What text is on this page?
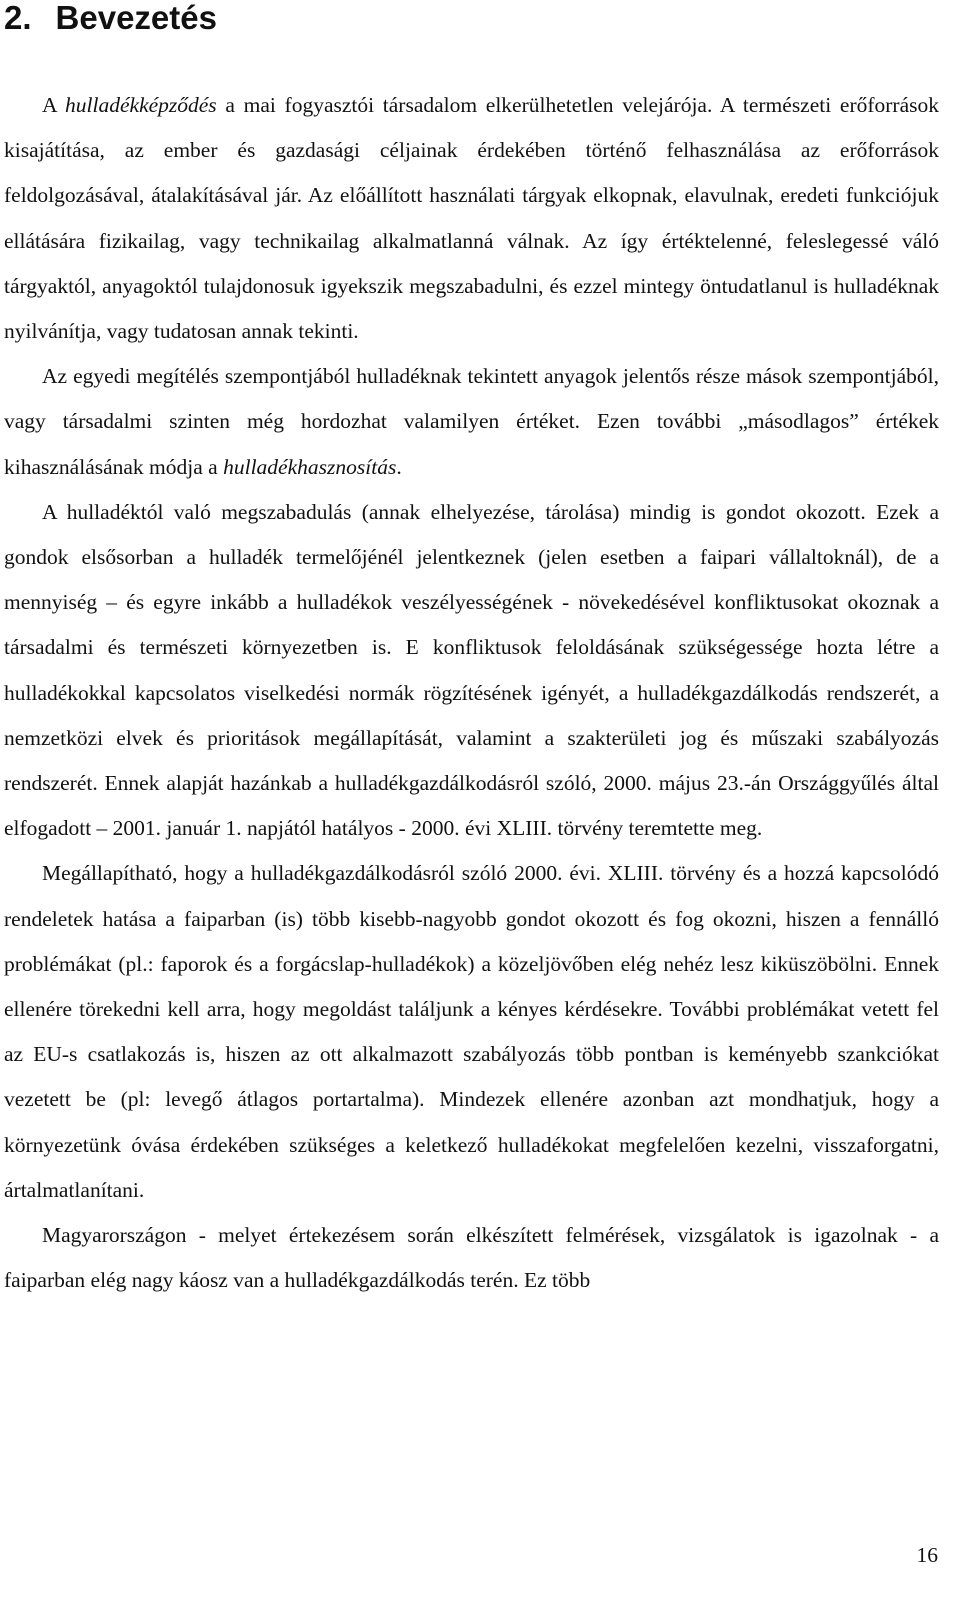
2. Bevezetés

A hulladékképződés a mai fogyasztói társadalom elkerülhetetlen velejárója. A természeti erőforrások kisajátítása, az ember és gazdasági céljainak érdekében történő felhasználása az erőforrások feldolgozásával, átalakításával jár. Az előállított használati tárgyak elkopnak, elavulnak, eredeti funkciójuk ellátására fizikailag, vagy technikailag alkalmatlanná válnak. Az így értéktelenné, feleslegessé váló tárgyaktól, anyagoktól tulajdonosuk igyekszik megszabadulni, és ezzel mintegy öntudatlanul is hulladéknak nyilvánítja, vagy tudatosan annak tekinti.

Az egyedi megítélés szempontjából hulladéknak tekintett anyagok jelentős része mások szempontjából, vagy társadalmi szinten még hordozhat valamilyen értéket. Ezen további „másodlagos” értékek kihasználásának módja a hulladékhasznosítás.

A hulladéktól való megszabadulás (annak elhelyezése, tárolása) mindig is gondot okozott. Ezek a gondok elsősorban a hulladék termelőjénél jelentkeznek (jelen esetben a faipari vállaltoknál), de a mennyiség – és egyre inkább a hulladékok veszélyességének - növekedésével konfliktusokat okoznak a társadalmi és természeti környezetben is. E konfliktusok feloldásának szükségessége hozta létre a hulladékokkal kapcsolatos viselkedési normák rögzítésének igényét, a hulladékgazdálkodás rendszerét, a nemzetközi elvek és prioritások megállapítását, valamint a szakterületi jog és műszaki szabályozás rendszerét. Ennek alapját hazánkab a hulladékgazdálkodásról szóló, 2000. május 23.-án Országgyűlés által elfogadott – 2001. január 1. napjától hatályos - 2000. évi XLIII. törvény teremtette meg.

Megállapítható, hogy a hulladékgazdálkodásról szóló 2000. évi. XLIII. törvény és a hozzá kapcsolódó rendeletek hatása a faiparban (is) több kisebb-nagyobb gondot okozott és fog okozni, hiszen a fennálló problémákat (pl.: faporok és a forgácslap-hulladékok) a közeljövőben elég nehéz lesz kiküszöbölni. Ennek ellenére törekedni kell arra, hogy megoldást találjunk a kényes kérdésekre. További problémákat vetett fel az EU-s csatlakozás is, hiszen az ott alkalmazott szabályozás több pontban is keményebb szankciókat vezetett be (pl: levegő átlagos portartalma). Mindezek ellenére azonban azt mondhatjuk, hogy a környezetünk óvása érdekében szükséges a keletkező hulladékokat megfelelően kezelni, visszaforgatni, ártalmatlanítani.

Magyarországon - melyet értekezésem során elkészített felmérések, vizsgálatok is igazolnak - a faiparban elég nagy káosz van a hulladékgazdálkodás terén. Ez több

16
